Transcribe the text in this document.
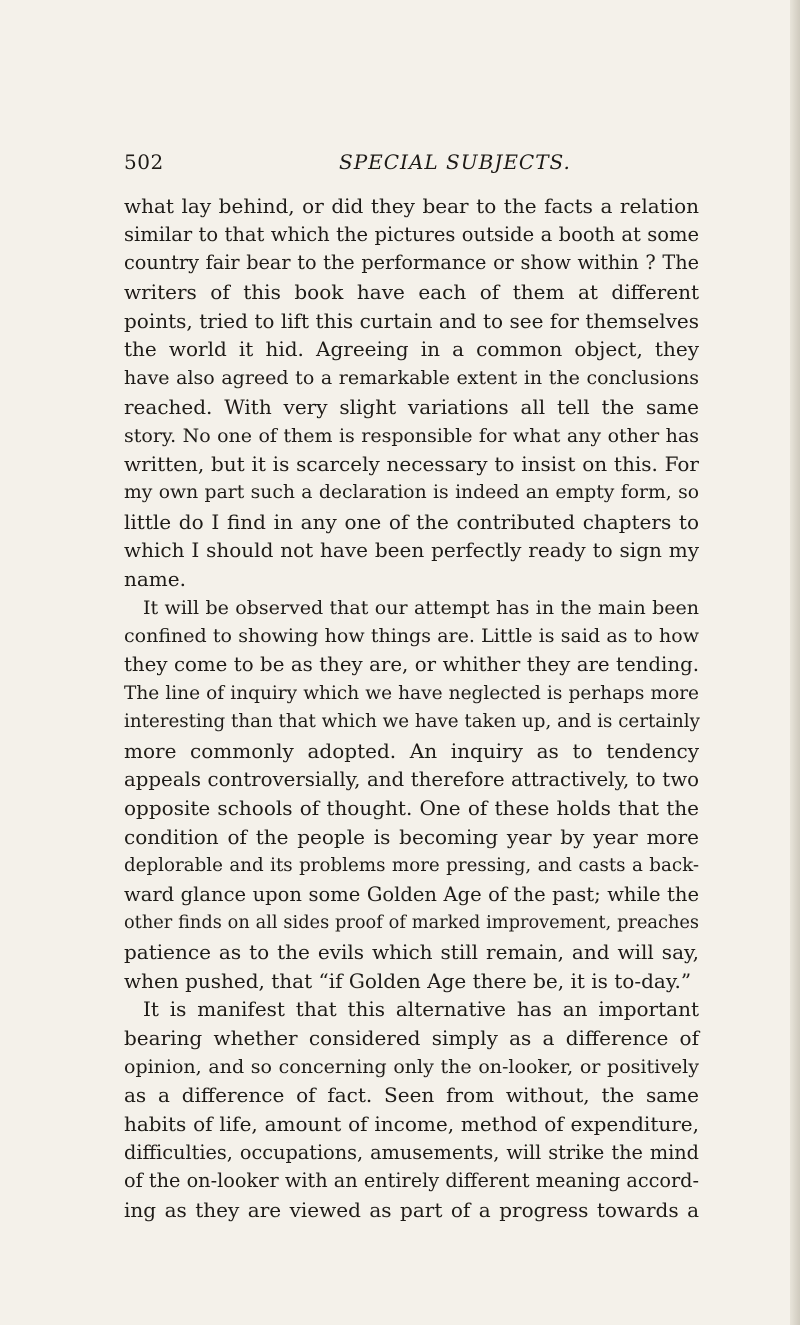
502	SPECIAL SUBJECTS.
what lay behind, or did they bear to the facts a relation
similar to that which the pictures outside a booth at some
country fair bear to the performance or show within ? The
writers of this book have each of them at different
points, tried to lift this curtain and to see for themselves
the world it hid. Agreeing in a common object, they
have also agreed to a remarkable extent in the conclusions
reached. With very slight variations all tell the same
story. No one of them is responsible for what any other has
written, but it is scarcely necessary to insist on this. For
my own part such a declaration is indeed an empty form, so
little do I find in any one of the contributed chapters to
which I should not have been perfectly ready to sign my
name.
It will be observed that our attempt has in the main been
confined to showing how things are. Little is said as to how
they come to be as they are, or whither they are tending.
The line of inquiry which we have neglected is perhaps more
interesting than that which we have taken up, and is certainly
more commonly adopted. An inquiry as to tendency
appeals controversially, and therefore attractively, to two
opposite schools of thought. One of these holds that the
condition of the people is becoming year by year more
deplorable and its problems more pressing, and casts a back-
ward glance upon some Golden Age of the past; while the
other finds on all sides proof of marked improvement, preaches
patience as to the evils which still remain, and will say,
when pushed, that “if Golden Age there be, it is to-day.”
It is manifest that this alternative has an important
bearing whether considered simply as a difference of
opinion, and so concerning only the on-looker, or positively
as a difference of fact. Seen from without, the same
habits of life, amount of income, method of expenditure,
difficulties, occupations, amusements, will strike the mind
of the on-looker with an entirely different meaning accord-
ing as they are viewed as part of a progress towards a
